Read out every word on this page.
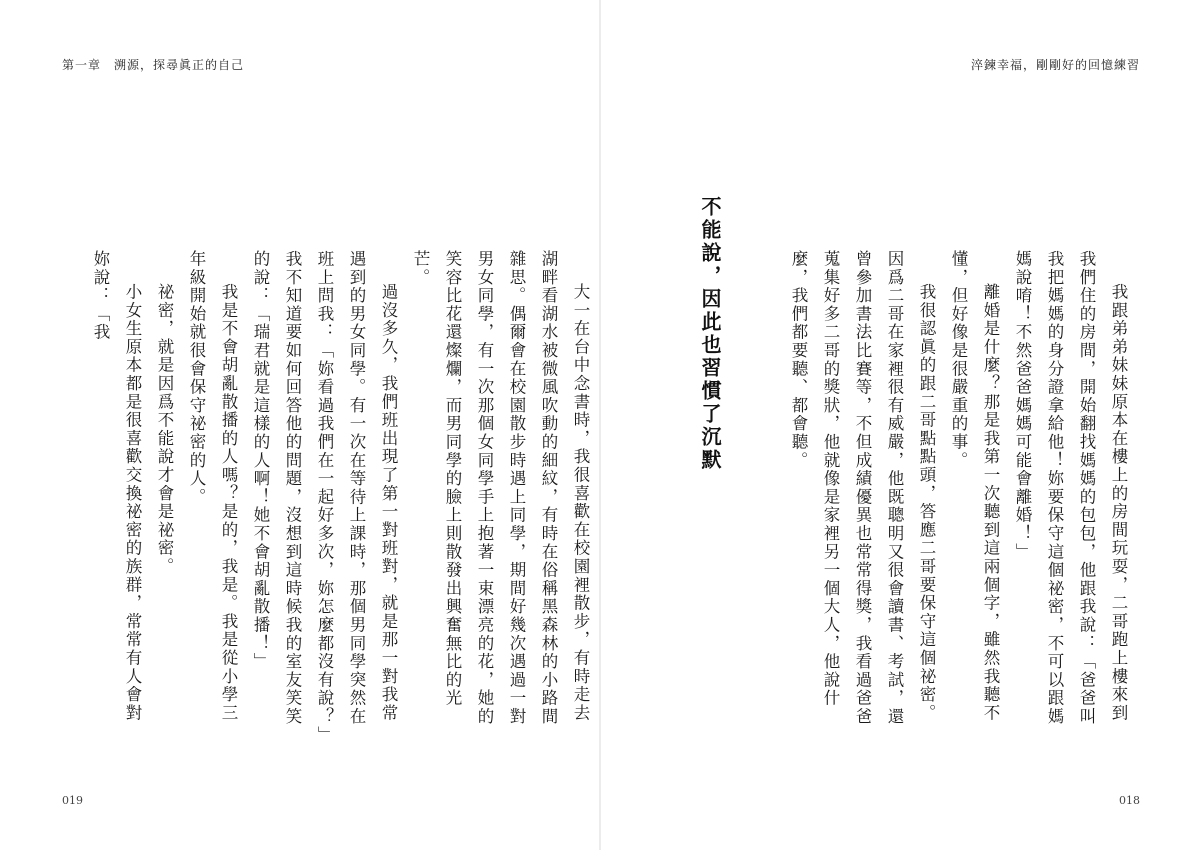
第一章　溯源，探尋眞正的自己
019
淬鍊幸福，剛剛好的回憶練習
018

我跟弟弟妹妹原本在樓上的房間玩耍，二哥跑上樓來到我們住的房間，開始翻找媽媽的包包，他跟我說：「爸爸叫我把媽媽的身分證拿給他！妳要保守這個祕密，不可以跟媽媽說唷！不然爸爸媽媽可能會離婚！」

離婚是什麼？那是我第一次聽到這兩個字，雖然我聽不懂，但好像是很嚴重的事。

我很認眞的跟二哥點點頭，答應二哥要保守這個祕密。因爲二哥在家裡很有威嚴，他既聰明又很會讀書、考試，還曾參加書法比賽等，不但成績優異也常常得獎，我看過爸爸蒐集好多二哥的獎狀，他就像是家裡另一個大人，他說什麼，我們都要聽、都會聽。

不能說，因此也習慣了沉默

大一在台中念書時，我很喜歡在校園裡散步，有時走去湖畔看湖水被微風吹動的細紋，有時在俗稱黑森林的小路間雜思。偶爾會在校園散步時遇上同學，期間好幾次遇過一對男女同學，有一次那個女同學手上抱著一束漂亮的花，她的笑容比花還燦爛，而男同學的臉上則散發出興奮無比的光芒。

過沒多久，我們班出現了第一對班對，就是那一對我常遇到的男女同學。有一次在等待上課時，那個男同學突然在班上問我：「妳看過我們在一起好多次，妳怎麼都沒有說？」我不知道要如何回答他的問題，沒想到這時候我的室友笑笑的說：「瑞君就是這樣的人啊！她不會胡亂散播！」

我是不會胡亂散播的人嗎？是的，我是。我是從小學三年級開始就很會保守祕密的人。

祕密，就是因爲不能說才會是祕密。

小女生原本都是很喜歡交換祕密的族群，常常有人會對妳說：「我
